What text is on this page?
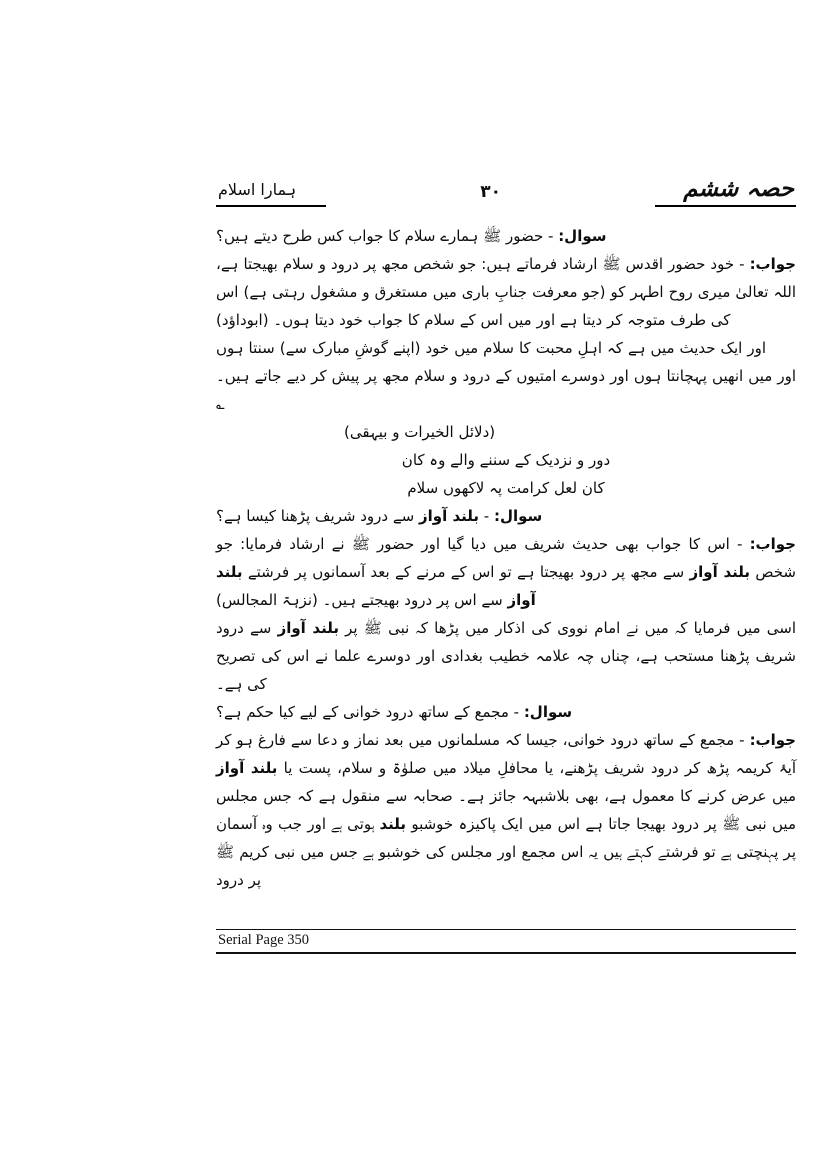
ہمارا اسلام	۳۰	حصہ ششم

سوال: - حضور ﷺ ہمارے سلام کا جواب کس طرح دیتے ہیں؟

جواب: - خود حضور اقدس ﷺ ارشاد فرماتے ہیں: جو شخص مجھ پر درود و سلام بھیجتا ہے، اللہ تعالیٰ میری روح اطہر کو (جو معرفت جنابِ باری میں مستغرق و مشغول رہتی ہے) اس کی طرف متوجہ کر دیتا ہے اور میں اس کے سلام کا جواب خود دیتا ہوں۔ (ابوداؤد)

اور ایک حدیث میں ہے کہ اہلِ محبت کا سلام میں خود (اپنے گوشِ مبارک سے) سنتا ہوں اور میں انھیں پہچانتا ہوں اور دوسرے امتیوں کے درود و سلام مجھ پر پیش کر دیے جاتے ہیں۔ ؎

(دلائل الخیرات و بیہقی)

دور و نزدیک کے سننے والے وہ کان

کان لعل کرامت پہ لاکھوں سلام

سوال: - بلند آواز سے درود شریف پڑھنا کیسا ہے؟

جواب: - اس کا جواب بھی حدیث شریف میں دیا گیا اور حضور ﷺ نے ارشاد فرمایا: جو شخص بلند آواز سے مجھ پر درود بھیجتا ہے تو اس کے مرنے کے بعد آسمانوں پر فرشتے بلند آواز سے اس پر درود بھیجتے ہیں۔ (نزہۃ المجالس)

اسی میں فرمایا کہ میں نے امام نووی کی اذکار میں پڑھا کہ نبی ﷺ پر بلند آواز سے درود شریف پڑھنا مستحب ہے، چناں چہ علامہ خطیب بغدادی اور دوسرے علما نے اس کی تصریح کی ہے۔

سوال: - مجمع کے ساتھ درود خوانی کے لیے کیا حکم ہے؟

جواب: - مجمع کے ساتھ درود خوانی، جیسا کہ مسلمانوں میں بعد نماز و دعا سے فارغ ہو کر آیۂ کریمہ پڑھ کر درود شریف پڑھنے، یا محافلِ میلاد میں صلوٰۃ و سلام، پست یا بلند آواز میں عرض کرنے کا معمول ہے، بھی بلاشبہہ جائز ہے۔ صحابہ سے منقول ہے کہ جس مجلس میں نبی ﷺ پر درود بھیجا جاتا ہے اس میں ایک پاکیزہ خوشبو بلند ہوتی ہے اور جب وہ آسمان پر پہنچتی ہے تو فرشتے کہتے ہیں یہ اس مجمع اور مجلس کی خوشبو ہے جس میں نبی کریم ﷺ پر درود

Serial Page 350
